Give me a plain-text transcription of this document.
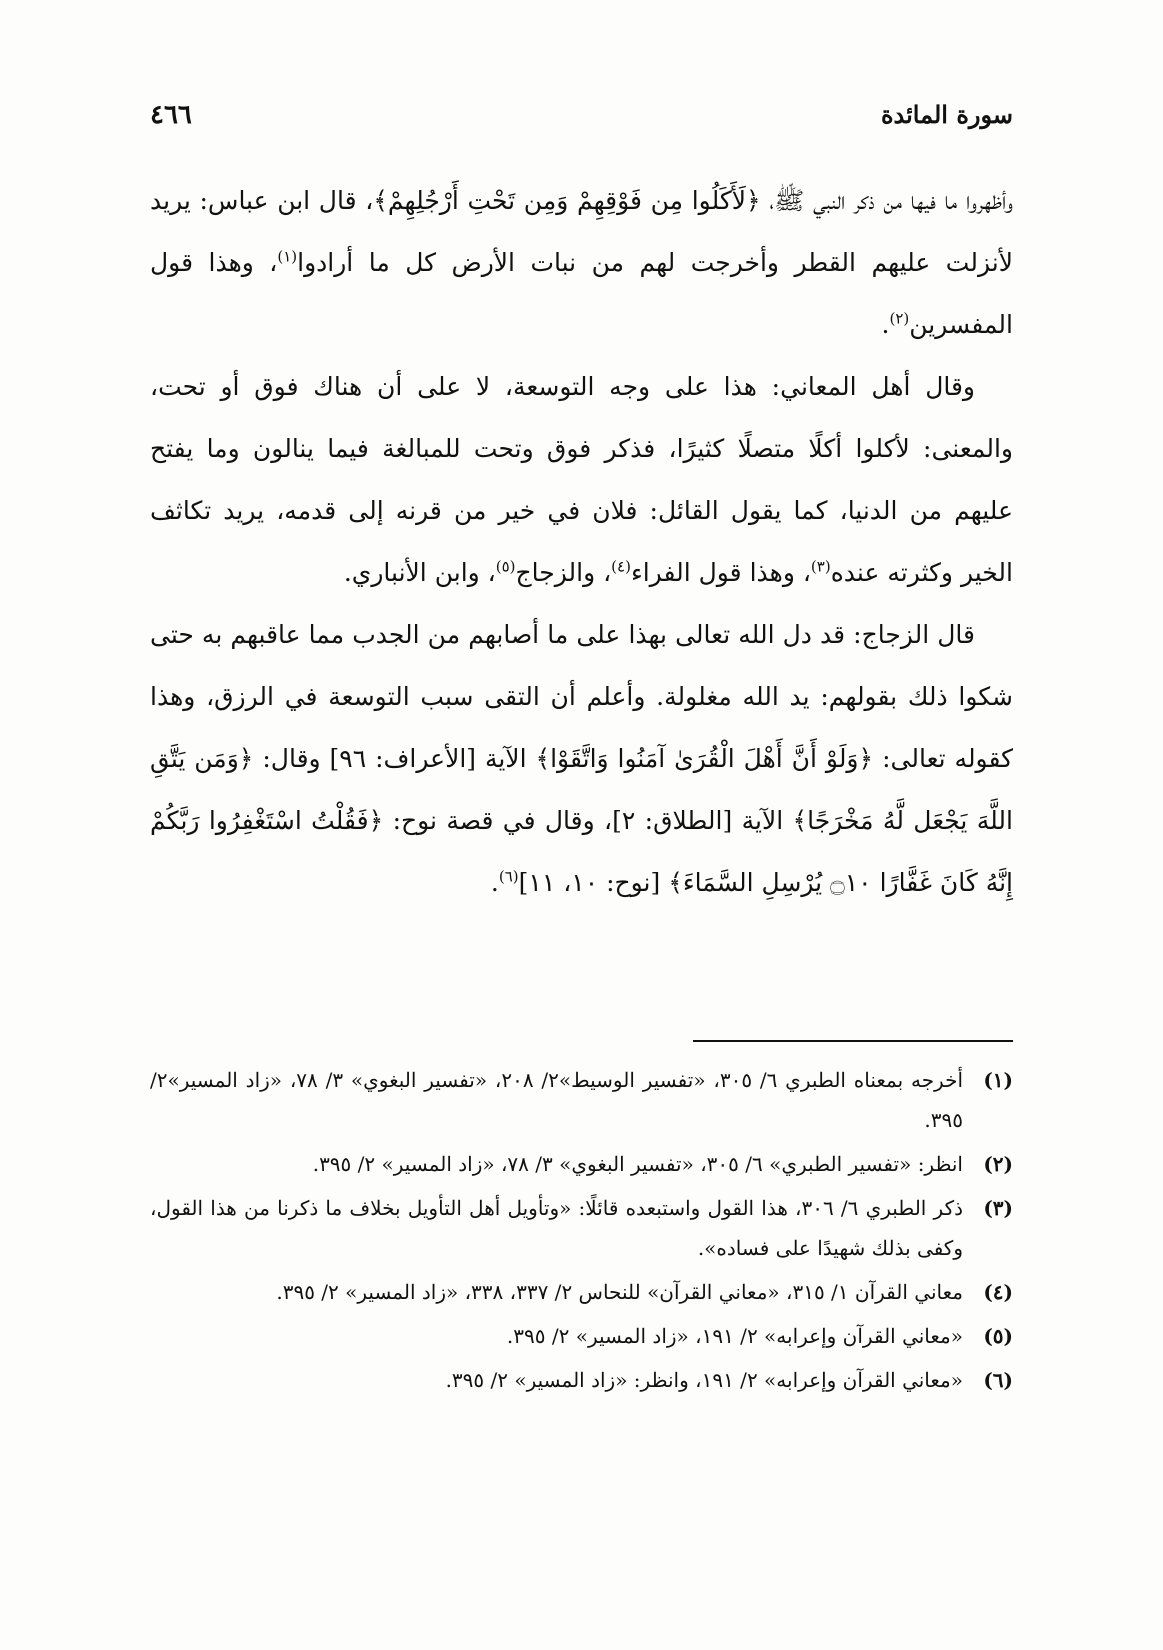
سورة المائدة
٤٦٦

وأظهروا ما فيها من ذكر النبي ﷺ، ﴿لَأَكَلُوا مِن فَوْقِهِمْ وَمِن تَحْتِ أَرْجُلِهِمْ﴾، قال ابن عباس: يريد لأنزلت عليهم القطر وأخرجت لهم من نبات الأرض كل ما أرادوا$^{(١)}$، وهذا قول المفسرين$^{(٢)}$.

وقال أهل المعاني: هذا على وجه التوسعة، لا على أن هناك فوق أو تحت، والمعنى: لأكلوا أكلًا متصلًا كثيرًا، فذكر فوق وتحت للمبالغة فيما ينالون وما يفتح عليهم من الدنيا، كما يقول القائل: فلان في خير من قرنه إلى قدمه، يريد تكاثف الخير وكثرته عنده$^{(٣)}$، وهذا قول الفراء$^{(٤)}$، والزجاج$^{(٥)}$، وابن الأنباري.

قال الزجاج: قد دل الله تعالى بهذا على ما أصابهم من الجدب مما عاقبهم به حتى شكوا ذلك بقولهم: يد الله مغلولة. وأعلم أن التقى سبب التوسعة في الرزق، وهذا كقوله تعالى: ﴿وَلَوْ أَنَّ أَهْلَ الْقُرَىٰ آمَنُوا وَاتَّقَوْا﴾ الآية [الأعراف: ٩٦] وقال: ﴿وَمَن يَتَّقِ اللَّهَ يَجْعَل لَّهُ مَخْرَجًا﴾ الآية [الطلاق: ٢]، وقال في قصة نوح: ﴿فَقُلْتُ اسْتَغْفِرُوا رَبَّكُمْ إِنَّهُ كَانَ غَفَّارًا ۝١٠ يُرْسِلِ السَّمَاءَ﴾ [نوح: ١٠، ١١]$^{(٦)}$.

(١)
أخرجه بمعناه الطبري ٦/ ٣٠٥، «تفسير الوسيط»٢/ ٢٠٨، «تفسير البغوي» ٣/ ٧٨، «زاد المسير»٢/ ٣٩٥.
(٢)
انظر: «تفسير الطبري» ٦/ ٣٠٥، «تفسير البغوي» ٣/ ٧٨، «زاد المسير» ٢/ ٣٩٥.
(٣)
ذكر الطبري ٦/ ٣٠٦، هذا القول واستبعده قائلًا: «وتأويل أهل التأويل بخلاف ما ذكرنا من هذا القول، وكفى بذلك شهيدًا على فساده».
(٤)
معاني القرآن ١/ ٣١٥، «معاني القرآن» للنحاس ٢/ ٣٣٧، ٣٣٨، «زاد المسير» ٢/ ٣٩٥.
(٥)
«معاني القرآن وإعرابه» ٢/ ١٩١، «زاد المسير» ٢/ ٣٩٥.
(٦)
«معاني القرآن وإعرابه» ٢/ ١٩١، وانظر: «زاد المسير» ٢/ ٣٩٥.
